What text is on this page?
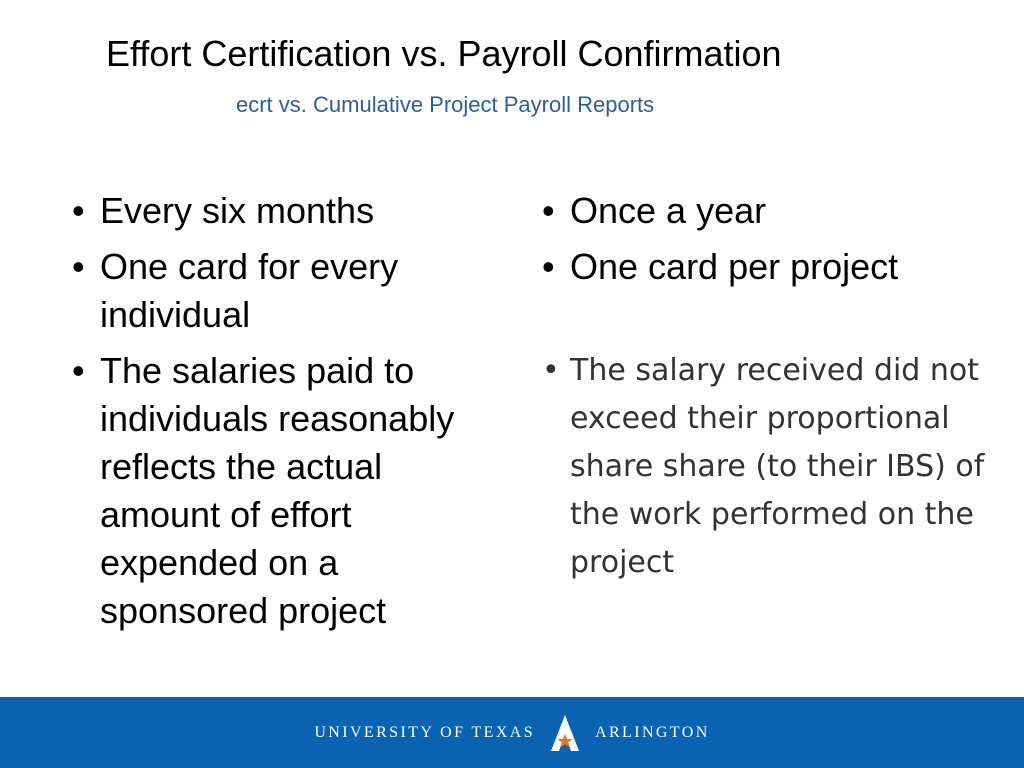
Effort Certification vs. Payroll Confirmation
ecrt vs. Cumulative Project Payroll Reports
• Every six months
• One card for every individual
• The salaries paid to individuals reasonably reflects the actual amount of effort expended on a sponsored project
• Once a year
• One card per project
• The salary received did not exceed their proportional share share (to their IBS) of the work performed on the project
UNIVERSITY OF TEXAS	ARLINGTON
